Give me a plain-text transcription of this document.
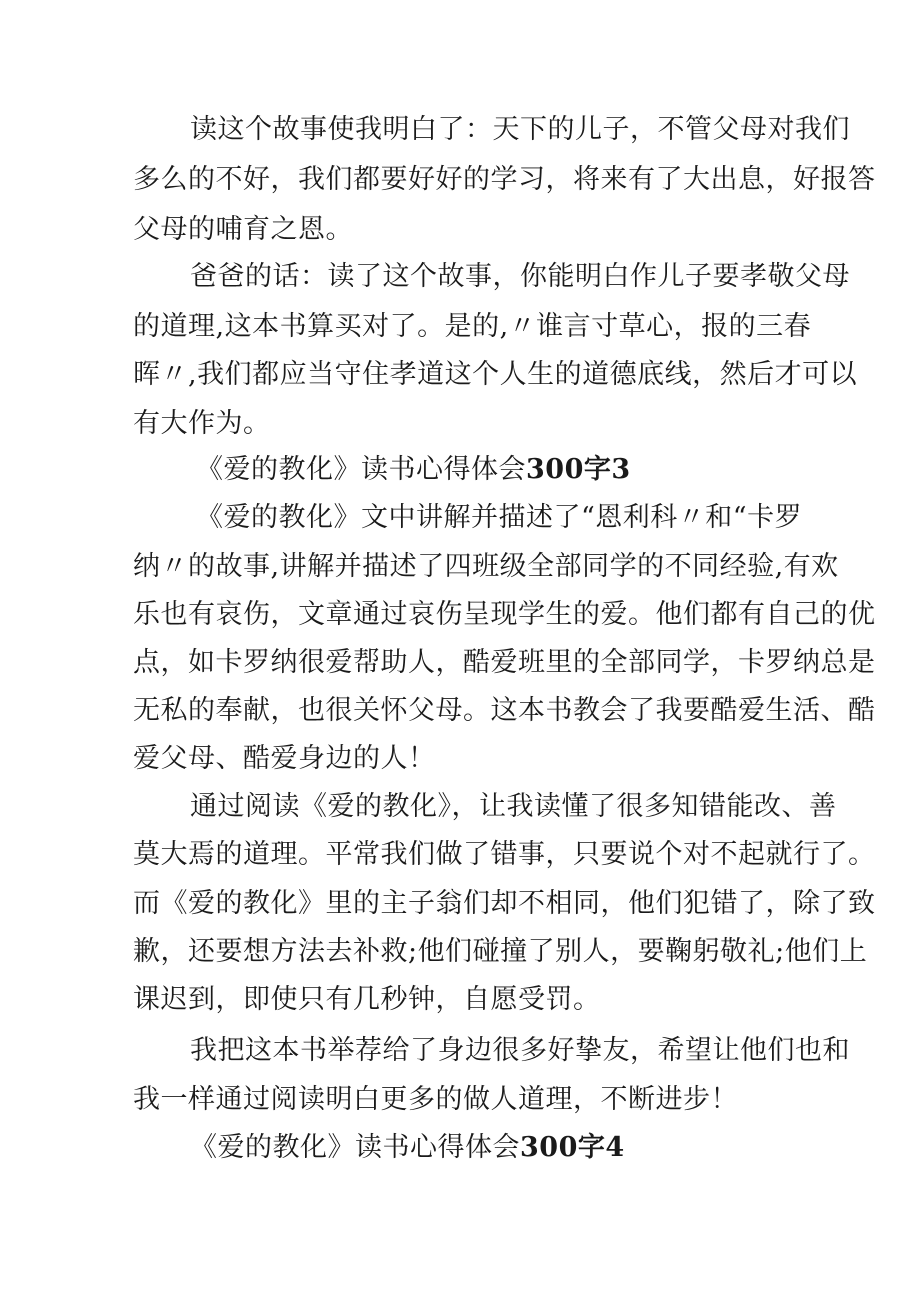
读这个故事使我明白了：天下的儿子，不管父母对我们
多么的不好，我们都要好好的学习，将来有了大出息，好报答
父母的哺育之恩。
爸爸的话：读了这个故事，你能明白作儿子要孝敬父母
的道理,这本书算买对了。是的,〃谁言寸草心，报的三春
晖〃,我们都应当守住孝道这个人生的道德底线，然后才可以
有大作为。
《爱的教化》读书心得体会300字3
《爱的教化》文中讲解并描述了“恩利科〃和“卡罗
纳〃的故事,讲解并描述了四班级全部同学的不同经验,有欢
乐也有哀伤，文章通过哀伤呈现学生的爱。他们都有自己的优
点，如卡罗纳很爱帮助人，酷爱班里的全部同学，卡罗纳总是
无私的奉献，也很关怀父母。这本书教会了我要酷爱生活、酷
爱父母、酷爱身边的人！
通过阅读《爱的教化》，让我读懂了很多知错能改、善
莫大焉的道理。平常我们做了错事，只要说个对不起就行了。
而《爱的教化》里的主子翁们却不相同，他们犯错了，除了致
歉，还要想方法去补救;他们碰撞了别人，要鞠躬敬礼;他们上
课迟到，即使只有几秒钟，自愿受罚。
我把这本书举荐给了身边很多好挚友，希望让他们也和
我一样通过阅读明白更多的做人道理，不断进步！
《爱的教化》读书心得体会300字4
